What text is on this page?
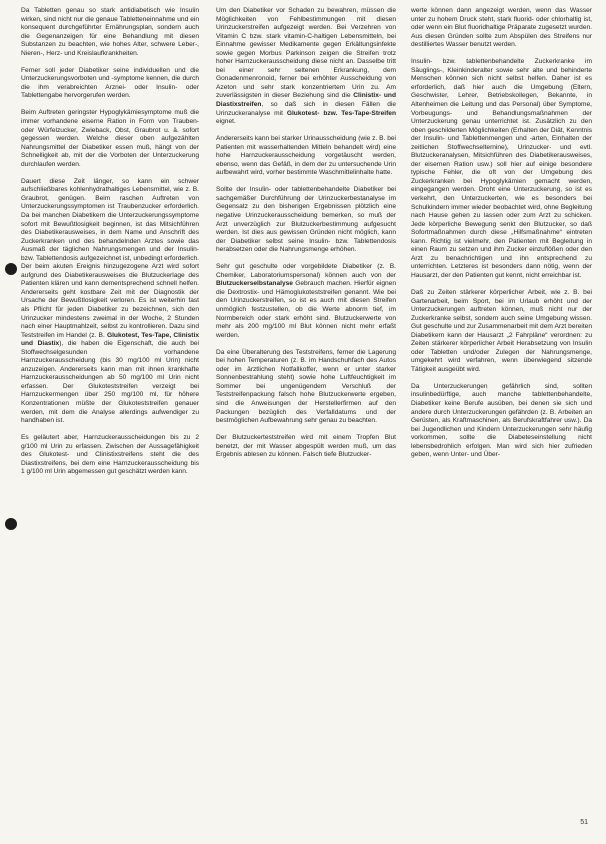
Da Tabletten genau so stark antidiabetisch wie Insulin wirken, sind nicht nur die genaue Tabletteneinnahme und ein konsequent durchgeführter Ernährungsplan, sondern auch die Gegenanzeigen für eine Behandlung mit diesen Substanzen zu beachten, wie hohes Alter, schwere Leber-, Nieren-, Herz- und Kreislaufkrankheiten.

Ferner soll jeder Diabetiker seine individuellen und die Unterzuckerungsvorboten und -symptome kennen, die durch die ihm verabreichten Arznei- oder Insulin- oder Tablettengabe hervorgerufen werden.

Beim Auftreten geringster Hypoglykämiesymptome muß die immer vorhandene eiserne Ration in Form von Trauben- oder Würfelzucker, Zwieback, Obst, Graubrot u. ä. sofort gegessen werden. Welche dieser oben aufgezählten Nahrungsmittel der Diabetiker essen muß, hängt von der Schnelligkeit ab, mit der die Vorboten der Unterzuckerung durchlaufen werden.

Dauert diese Zeit länger, so kann ein schwer aufschließbares kohlenhydrathaltiges Lebensmittel, wie z. B. Graubrot, genügen. Beim raschen Auftreten von Unterzuckerungssymptomen ist Traubenzucker erforderlich. Da bei manchen Diabetikern die Unterzuckerungssymptome sofort mit Bewußtlosigkeit beginnen, ist das Mitsichführen des Diabetikerausweises, in dem Name und Anschrift des Zuckerkranken und des behandelnden Arztes sowie das Ausmaß der täglichen Nahrungsmengen und der Insulin- bzw. Tablettendosis aufgezeichnet ist, unbedingt erforderlich. Der beim akuten Ereignis hinzugezogene Arzt wird sofort aufgrund des Diabetikerausweises die Blutzuckerlage des Patienten klären und kann dementsprechend schnell helfen. Andererseits geht kostbare Zeit mit der Diagnostik der Ursache der Bewußtlosigkeit verloren. Es ist weiterhin fast als Pflicht für jeden Diabetiker zu bezeichnen, sich den Urinzucker mindestens zweimal in der Woche, 2 Stunden nach einer Hauptmahlzeit, selbst zu kontrollieren. Dazu sind Teststreifen im Handel (z. B. Glukotest, Tes-Tape, Clinistix und Diastix), die haben die Eigenschaft, die auch bei Stoffwechselgesunden vorhandene Harnzuckerausscheidung (bis 30 mg/100 ml Urin) nicht anzuzeigen. Andererseits kann man mit ihnen krankhafte Harnzuckerausscheidungen ab 50 mg/100 ml Urin nicht erfassen. Der Glukoteststreifen verzeigt bei Harnzuckermengen über 250 mg/100 ml, für höhere Konzentrationen müßte der Glukoteststreifen genauer werden, mit dem die Analyse allerdings aufwendiger zu handhaben ist.

Es geläutert aber, Harnzuckerausscheidungen bis zu 2 g/100 ml Urin zu erfassen. Zwischen der Aussagefähigkeit des Glukotest- und Clinistixstreifens steht die des Diastixstreifens, bei dem eine Harnzuckerausscheidung bis 1 g/100 ml Urin abgemessen gut geschätzt werden kann.

Um den Diabetiker vor Schaden zu bewahren, müssen die Möglichkeiten von Fehlbestimmungen mit diesen Urinzuckerstreifen aufgezeigt werden. Bei Verzehren von Vitamin C bzw. stark vitamin-C-haltigen Lebensmitteln, bei Einnahme gewisser Medikamente gegen Erkältungsinfekte sowie gegen Morbus Parkinson zeigen die Streifen trotz hoher Harnzuckerausscheidung diese nicht an. Dasselbe tritt bei einer sehr seltenen Erkrankung, dem Gonadenmenronoid, ferner bei erhöhter Ausscheidung von Azeton und sehr stark konzentriertem Urin zu. Am zuverlässigsten in dieser Beziehung sind die Clinistix- und Diastixstreifen, so daß sich in diesen Fällen die Urinzuckeranalyse mit Glukotest- bzw. Tes-Tape-Streifen eignet.

Andererseits kann bei starker Urinausscheidung (wie z. B. bei Patienten mit wasserhaltenden Mitteln behandelt wird) eine hohe Harnzuckerausscheidung vorgetäuscht werden, ebenso, wenn das Gefäß, in dem der zu untersuchende Urin aufbewahrt wird, vorher bestimmte Waschmittelinhalte hatte.

Sollte der Insulin- oder tablettenbehandelte Diabetiker bei sachgemäßer Durchführung der Urinzuckerbestanalyse im Gegensatz zu den bisherigen Ergebnissen plötzlich eine negative Urinzuckerausscheidung bemerken, so muß der Arzt unverzüglich zur Blutzuckerbestimmung aufgesucht werden. Ist dies aus gewissen Gründen nicht möglich, kann der Diabetiker selbst seine Insulin- bzw. Tablettendosis herabsetzen oder die Nahrungsmenge erhöhen.

Sehr gut geschulte oder vorgebildete Diabetiker (z. B. Chemiker, Laboratoriumspersonal) können auch von der Blutzuckerselbstanalyse Gebrauch machen. Hierfür eignen die Dextrostix- und Hämoglukoteststreifen genannt. Wie bei den Urinzuckerstreifen, so ist es auch mit diesen Streifen unmöglich festzustellen, ob die Werte abnorm tief, im Normbereich oder stark erhöht sind. Blutzuckerwerte von mehr als 200 mg/100 ml Blut können nicht mehr erfaßt werden.

Da eine Überalterung des Teststreifens, ferner die Lagerung bei hohen Temperaturen (z. B. im Handschuhfach des Autos oder im ärztlichen Notfallkoffer, wenn er unter starker Sonnenbestrahlung steht) sowie hohe Luftfeuchtigkeit im Sommer bei ungenügendem Verschluß der Teststreifenpackung falsch hohe Blutzuckerwerte ergeben, sind die Anweisungen der Herstellerfirmen auf den Packungen bezüglich des Verfalldatums und der bestmöglichen Aufbewahrung sehr genau zu beachten.

Der Blutzuckerteststreifen wird mit einem Tropfen Blut benetzt, der mit Wasser abgespült werden muß, um das Ergebnis ablesen zu können. Falsch tiefe Blutzucker-

werte können dann angezeigt werden, wenn das Wasser unter zu hohem Druck steht, stark fluorid- oder chlorhaltig ist, oder wenn ein Blut fluoridhaltige Präparate zugesetzt wurden. Aus diesen Gründen sollte zum Abspülen des Streifens nur destilliertes Wasser benutzt werden.

Insulin- bzw. tablettenbehandelte Zuckerkranke im Säuglings-, Kleinkinderalter sowie sehr alte und behinderte Menschen können sich nicht selbst helfen. Daher ist es erforderlich, daß hier auch die Umgebung (Eltern, Geschwister, Lehrer, Betriebskollegen, Bekannte, in Altenheimen die Leitung und das Personal) über Symptome, Vorbeugungs- und Behandlungsmaßnahmen der Unterzuckerung genau unterrichtet ist. Zusätzlich zu den oben geschilderten Möglichkeiten (Erhalten der Diät, Kenntnis der Insulin- und Tablettenmengen und -arten, Einhalten der zeitlichen Stoffwechselternine), Urinzucker- und evtl. Blutzuckeranalysen, Mitsichführen des Diabetikerausweises, der eisernen Ration usw.) soll hier auf einige besondere typische Fehler, die oft von der Umgebung des Zuckerkranken bei Hypoglykämien gemacht werden, eingegangen werden. Droht eine Unterzuckerung, so ist es verkehrt, den Unterzuckerten, wie es besonders bei Schulkindern immer wieder beobachtet wird, ohne Begleitung nach Hause gehen zu lassen oder zum Arzt zu schicken. Jede körperliche Bewegung senkt den Blutzucker, so daß Sofortmaßnahmen durch diese „Hilfsmaßnahme“ eintreten kann. Richtig ist vielmehr, den Patienten mit Begleitung in einen Raum zu setzen und ihm Zucker einzuflößen oder den Arzt zu benachrichtigen und ihn entsprechend zu unterrichten. Letzteres ist besonders dann nötig, wenn der Hausarzt, der den Patienten gut kennt, nicht erreichbar ist.

Daß zu Zeiten stärkerer körperlicher Arbeit, wie z. B. bei Gartenarbeit, beim Sport, bei im Urlaub erhöht und der Unterzuckerungen auftreten können, muß nicht nur der Zuckerkranke selbst, sondern auch seine Umgebung wissen. Gut geschulte und zur Zusammenarbeit mit dem Arzt bereiten Diabetikern kann der Hausarzt „2 Fahrpläne“ verordnen: zu Zeiten stärkerer körperlicher Arbeit Herabsetzung von Insulin oder Tabletten und/oder Zulegen der Nahrungsmenge, umgekehrt wird verfahren, wenn überwiegend sitzende Tätigkeit ausgeübt wird.

Da Unterzuckerungen gefährlich sind, sollten insulinbedürftige, auch manche tablettenbehandelte, Diabetiker keine Berufe ausüben, bei denen sie sich und andere durch Unterzuckerungen gefährden (z. B. Arbeiten an Gerüsten, als Kraftmaschinen, als Berufskraftfahrer usw.). Da bei Jugendlichen und Kindern Unterzuckerungen sehr häufig vorkommen, sollte die Diabeteseinstellung nicht lebensbedrohlich erfolgen. Man wird sich hier zufrieden geben, wenn Unter- und Über-

51
